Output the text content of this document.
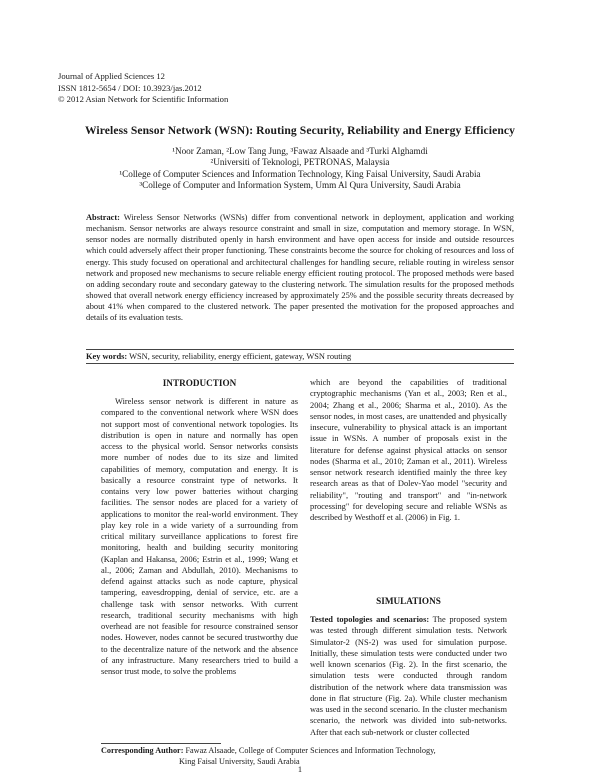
Journal of Applied Sciences 12
ISSN 1812-5654 / DOI: 10.3923/jas.2012
© 2012 Asian Network for Scientific Information
Wireless Sensor Network (WSN): Routing Security, Reliability and Energy Efficiency
¹Noor Zaman, ²Low Tang Jung, ³Fawaz Alsaade and ³Turki Alghamdi
²Universiti of Teknologi, PETRONAS, Malaysia
¹College of Computer Sciences and Information Technology, King Faisal University, Saudi Arabia
³College of Computer and Information System, Umm Al Qura University, Saudi Arabia
Abstract: Wireless Sensor Networks (WSNs) differ from conventional network in deployment, application and working mechanism. Sensor networks are always resource constraint and small in size, computation and memory storage. In WSN, sensor nodes are normally distributed openly in harsh environment and have open access for inside and outside resources which could adversely affect their proper functioning. These constraints become the source for choking of resources and loss of energy. This study focused on operational and architectural challenges for handling secure, reliable routing in wireless sensor network and proposed new mechanisms to secure reliable energy efficient routing protocol. The proposed methods were based on adding secondary route and secondary gateway to the clustering network. The simulation results for the proposed methods showed that overall network energy efficiency increased by approximately 25% and the possible security threats decreased by about 41% when compared to the clustered network. The paper presented the motivation for the proposed approaches and details of its evaluation tests.
Key words: WSN, security, reliability, energy efficient, gateway, WSN routing
INTRODUCTION
Wireless sensor network is different in nature as compared to the conventional network where WSN does not support most of conventional network topologies. Its distribution is open in nature and normally has open access to the physical world. Sensor networks consists more number of nodes due to its size and limited capabilities of memory, computation and energy. It is basically a resource constraint type of networks. It contains very low power batteries without charging facilities. The sensor nodes are placed for a variety of applications to monitor the real-world environment. They play key role in a wide variety of a surrounding from critical military surveillance applications to forest fire monitoring, health and building security monitoring (Kaplan and Hakansa, 2006; Estrin et al., 1999; Wang et al., 2006; Zaman and Abdullah, 2010). Mechanisms to defend against attacks such as node capture, physical tampering, eavesdropping, denial of service, etc. are a challenge task with sensor networks. With current research, traditional security mechanisms with high overhead are not feasible for resource constrained sensor nodes. However, nodes cannot be secured trustworthy due to the decentralize nature of the network and the absence of any infrastructure. Many researchers tried to build a sensor trust mode, to solve the problems
which are beyond the capabilities of traditional cryptographic mechanisms (Yan et al., 2003; Ren et al., 2004; Zhang et al., 2006; Sharma et al., 2010). As the sensor nodes, in most cases, are unattended and physically insecure, vulnerability to physical attack is an important issue in WSNs. A number of proposals exist in the literature for defense against physical attacks on sensor nodes (Sharma et al., 2010; Zaman et al., 2011). Wireless sensor network research identified mainly the three key research areas as that of Dolev-Yao model "security and reliability", "routing and transport" and "in-network processing" for developing secure and reliable WSNs as described by Westhoff et al. (2006) in Fig. 1.
SIMULATIONS
Tested topologies and scenarios: The proposed system was tested through different simulation tests. Network Simulator-2 (NS-2) was used for simulation purpose. Initially, these simulation tests were conducted under two well known scenarios (Fig. 2). In the first scenario, the simulation tests were conducted through random distribution of the network where data transmission was done in flat structure (Fig. 2a). While cluster mechanism was used in the second scenario. In the cluster mechanism scenario, the network was divided into sub-networks. After that each sub-network or cluster collected
Corresponding Author: Fawaz Alsaade, College of Computer Sciences and Information Technology,
King Faisal University, Saudi Arabia
1
